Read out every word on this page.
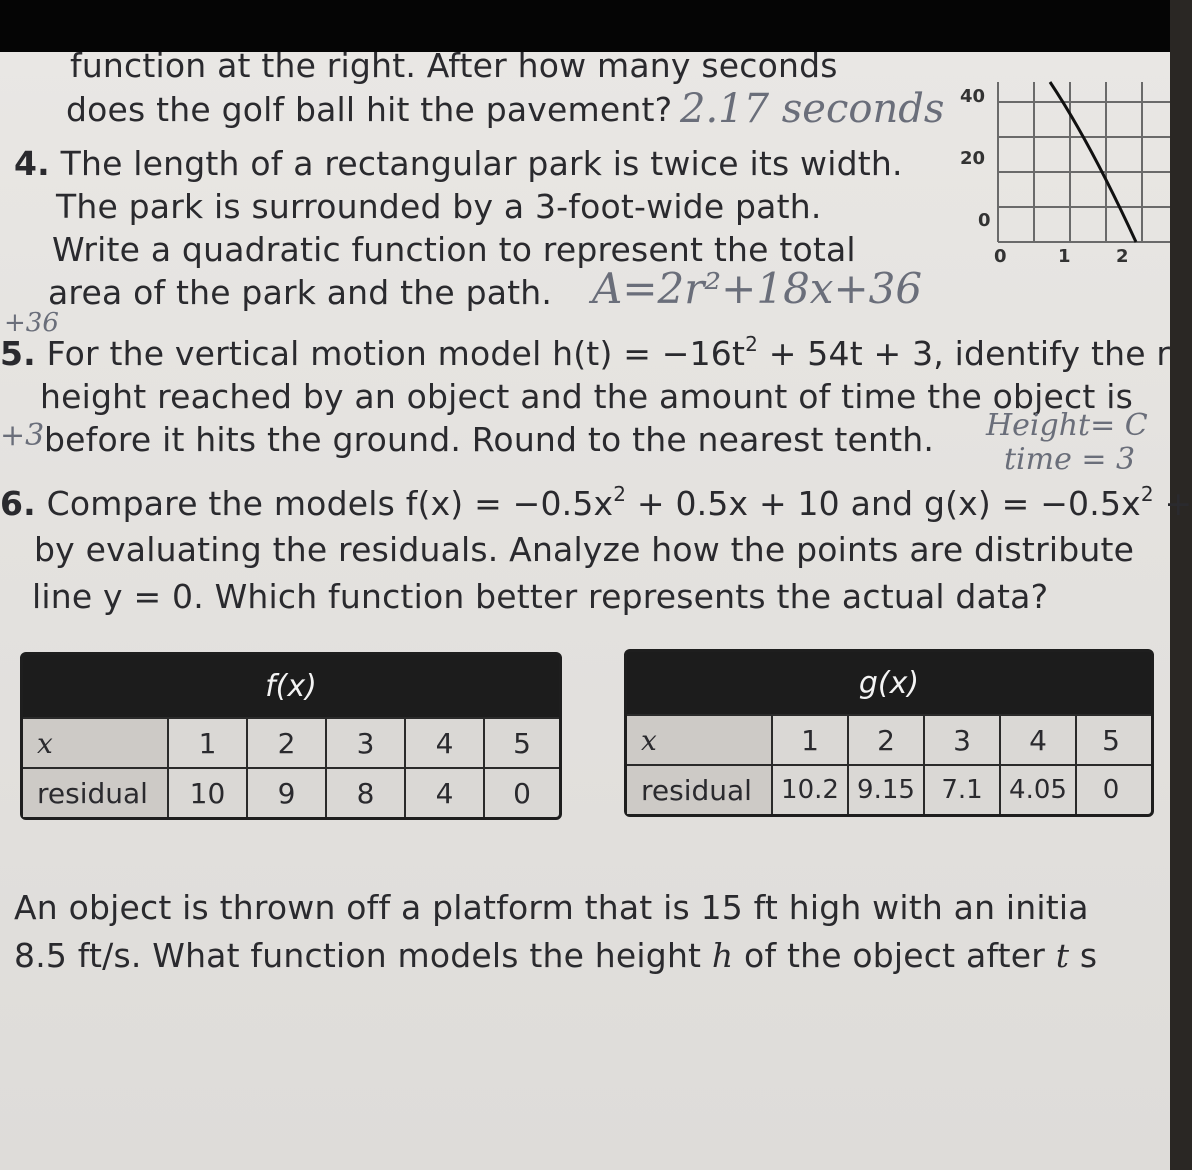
function at the right. After how many seconds
does the golf ball hit the pavement? 2.17 seconds 40
20
0
0	1	2
4. The length of a rectangular park is twice its width.
The park is surrounded by a 3-foot-wide path.
Write a quadratic function to represent the total
area of the park and the path. A=2r²+18x+36
+36
5. For the vertical motion model $h(t) = -16t^2 + 54t + 3$, identify the r
height reached by an object and the amount of time the object is
+3 before it hits the ground. Round to the nearest tenth. Height= C
time = 3
6. Compare the models $f(x) = -0.5x^2 + 0.5x + 10$ and $g(x) = -0.5x^2$ +
by evaluating the residuals. Analyze how the points are distribute
line y = 0. Which function better represents the actual data?
f(x)
x	1	2	3	4	5
residual	10	9	8	4	0
g(x)
x	1	2	3	4	5
residual	10.2 9.15	7.1	4.05	0
An object is thrown off a platform that is 15 ft high with an initia
8.5 ft/s. What function models the height h of the object after t s
